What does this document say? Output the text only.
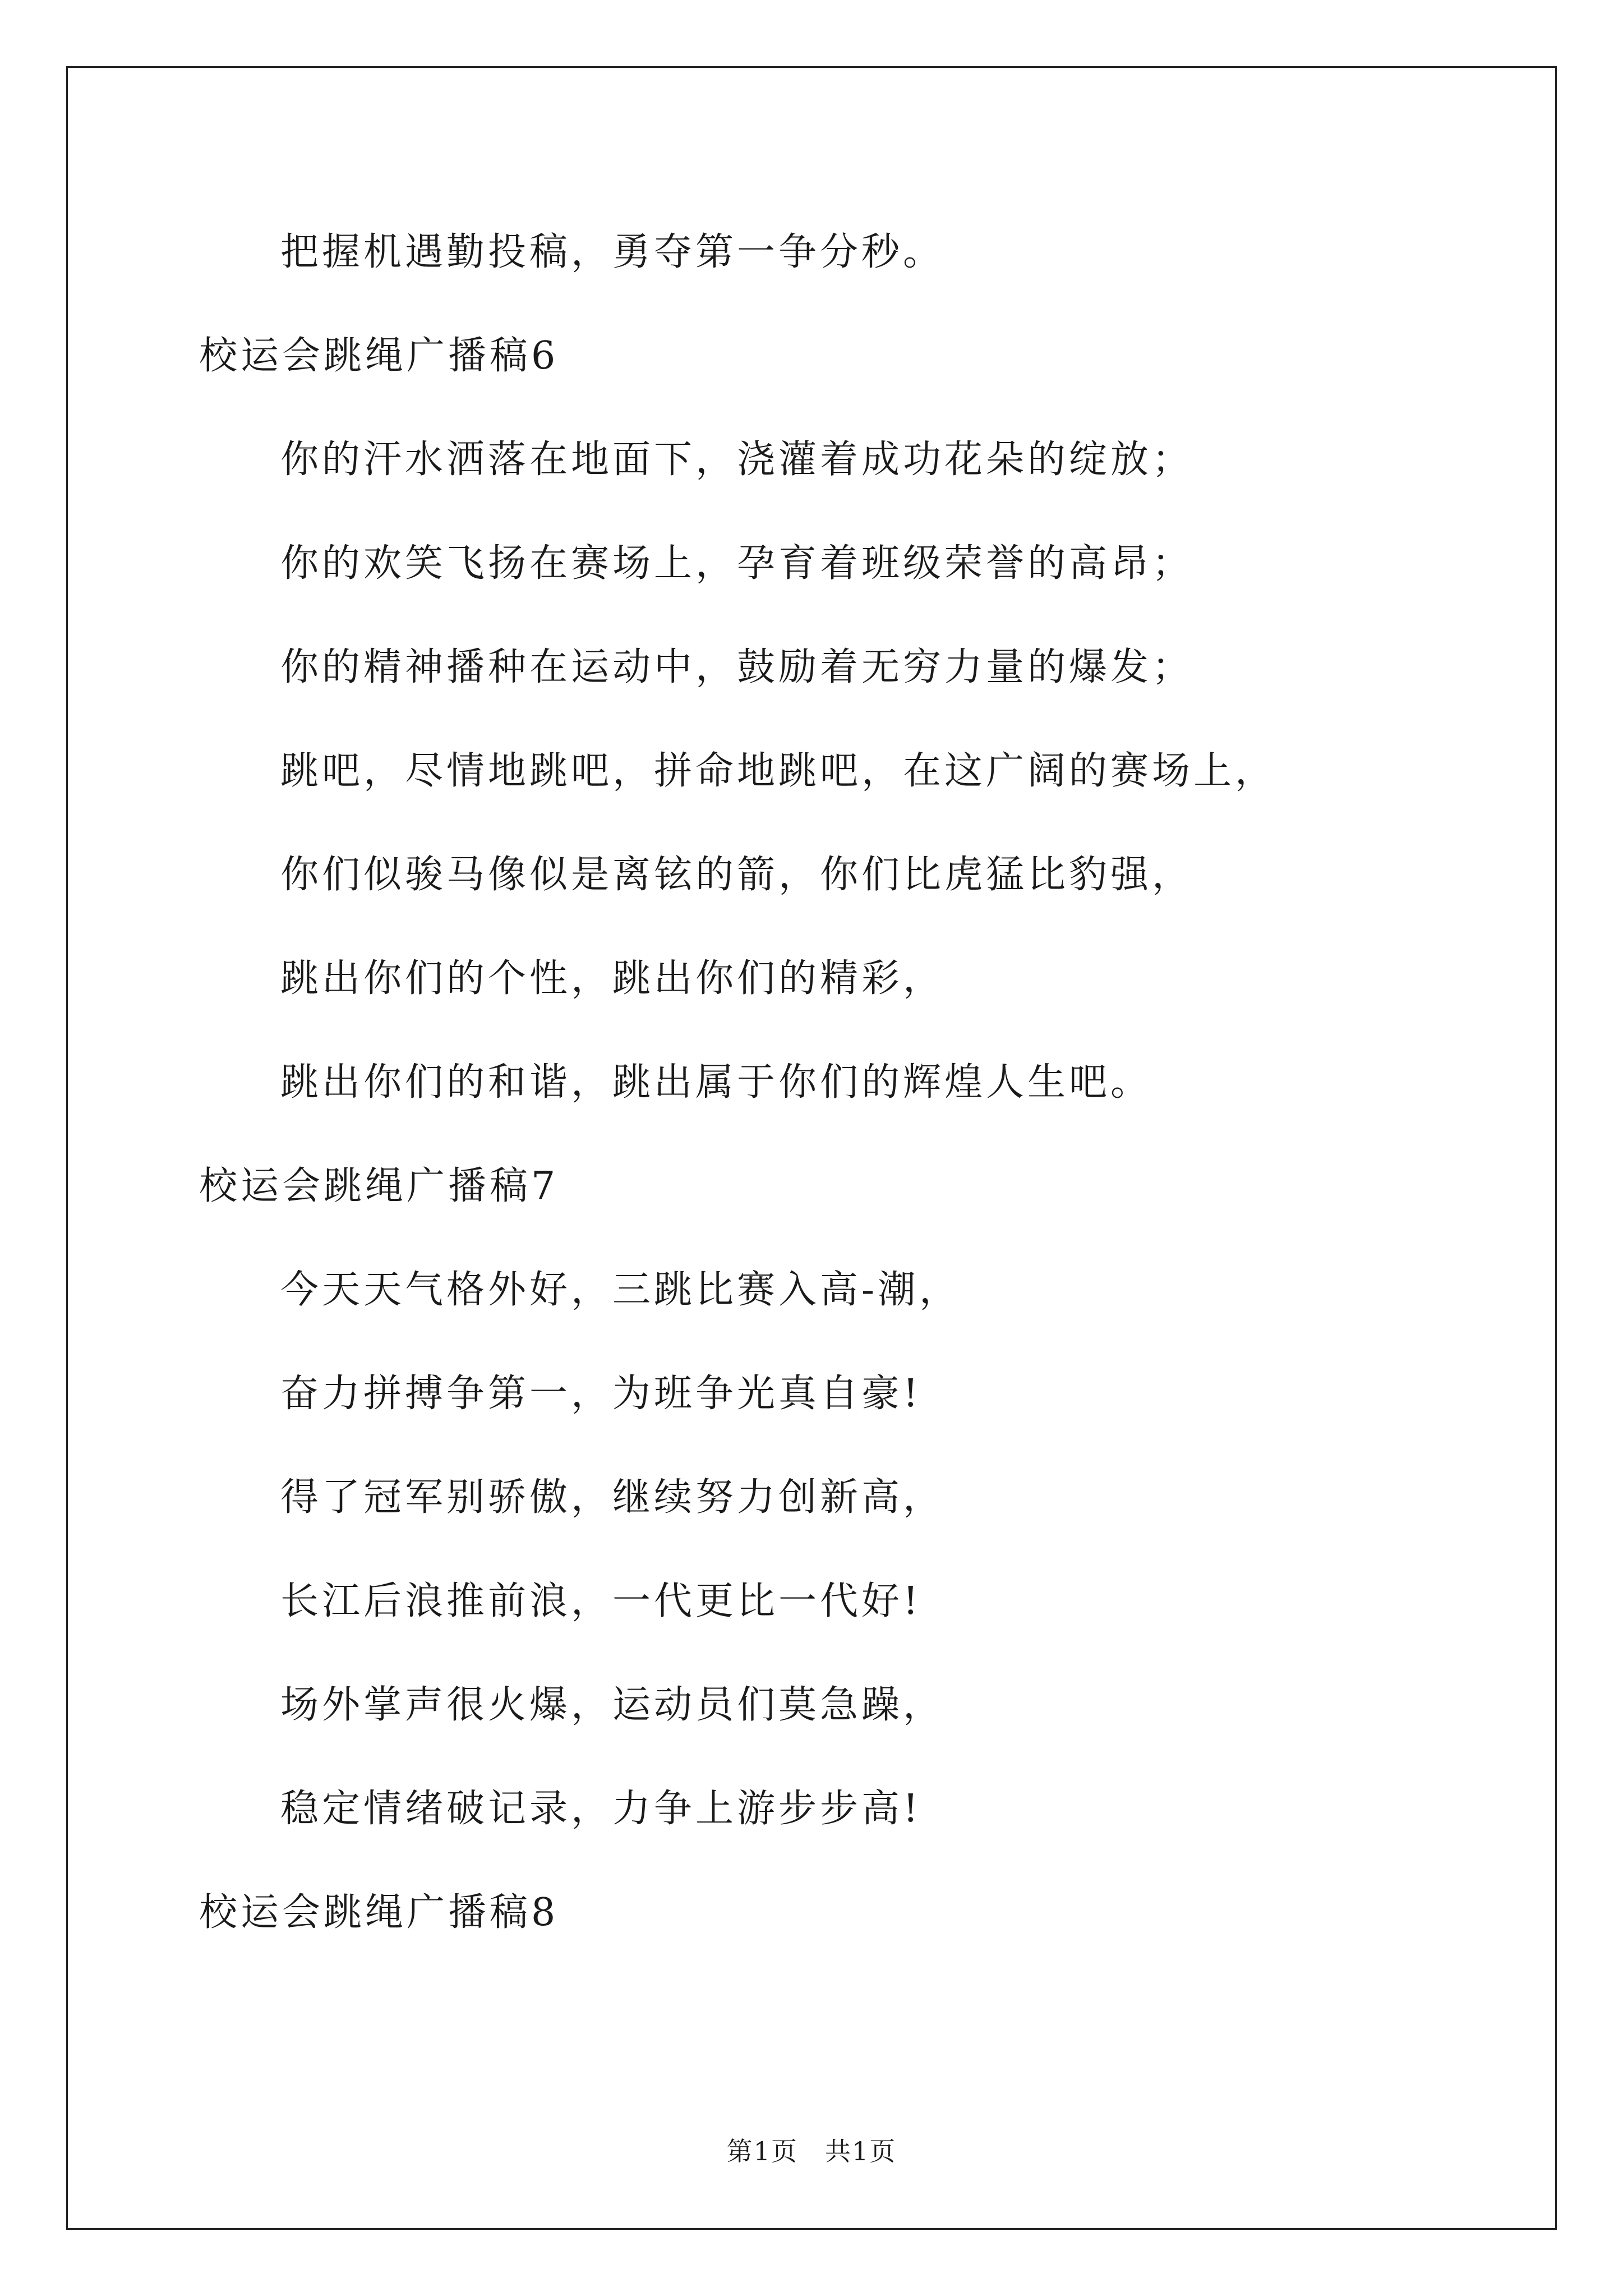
把握机遇勤投稿，勇夺第一争分秒。
校运会跳绳广播稿6
你的汗水洒落在地面下，浇灌着成功花朵的绽放；
你的欢笑飞扬在赛场上，孕育着班级荣誉的高昂；
你的精神播种在运动中，鼓励着无穷力量的爆发；
跳吧，尽情地跳吧，拼命地跳吧，在这广阔的赛场上，
你们似骏马像似是离铉的箭，你们比虎猛比豹强，
跳出你们的个性，跳出你们的精彩，
跳出你们的和谐，跳出属于你们的辉煌人生吧。
校运会跳绳广播稿7
今天天气格外好，三跳比赛入高-潮，
奋力拼搏争第一，为班争光真自豪!
得了冠军别骄傲，继续努力创新高，
长江后浪推前浪，一代更比一代好!
场外掌声很火爆，运动员们莫急躁，
稳定情绪破记录，力争上游步步高!
校运会跳绳广播稿8
第1页　共1页
